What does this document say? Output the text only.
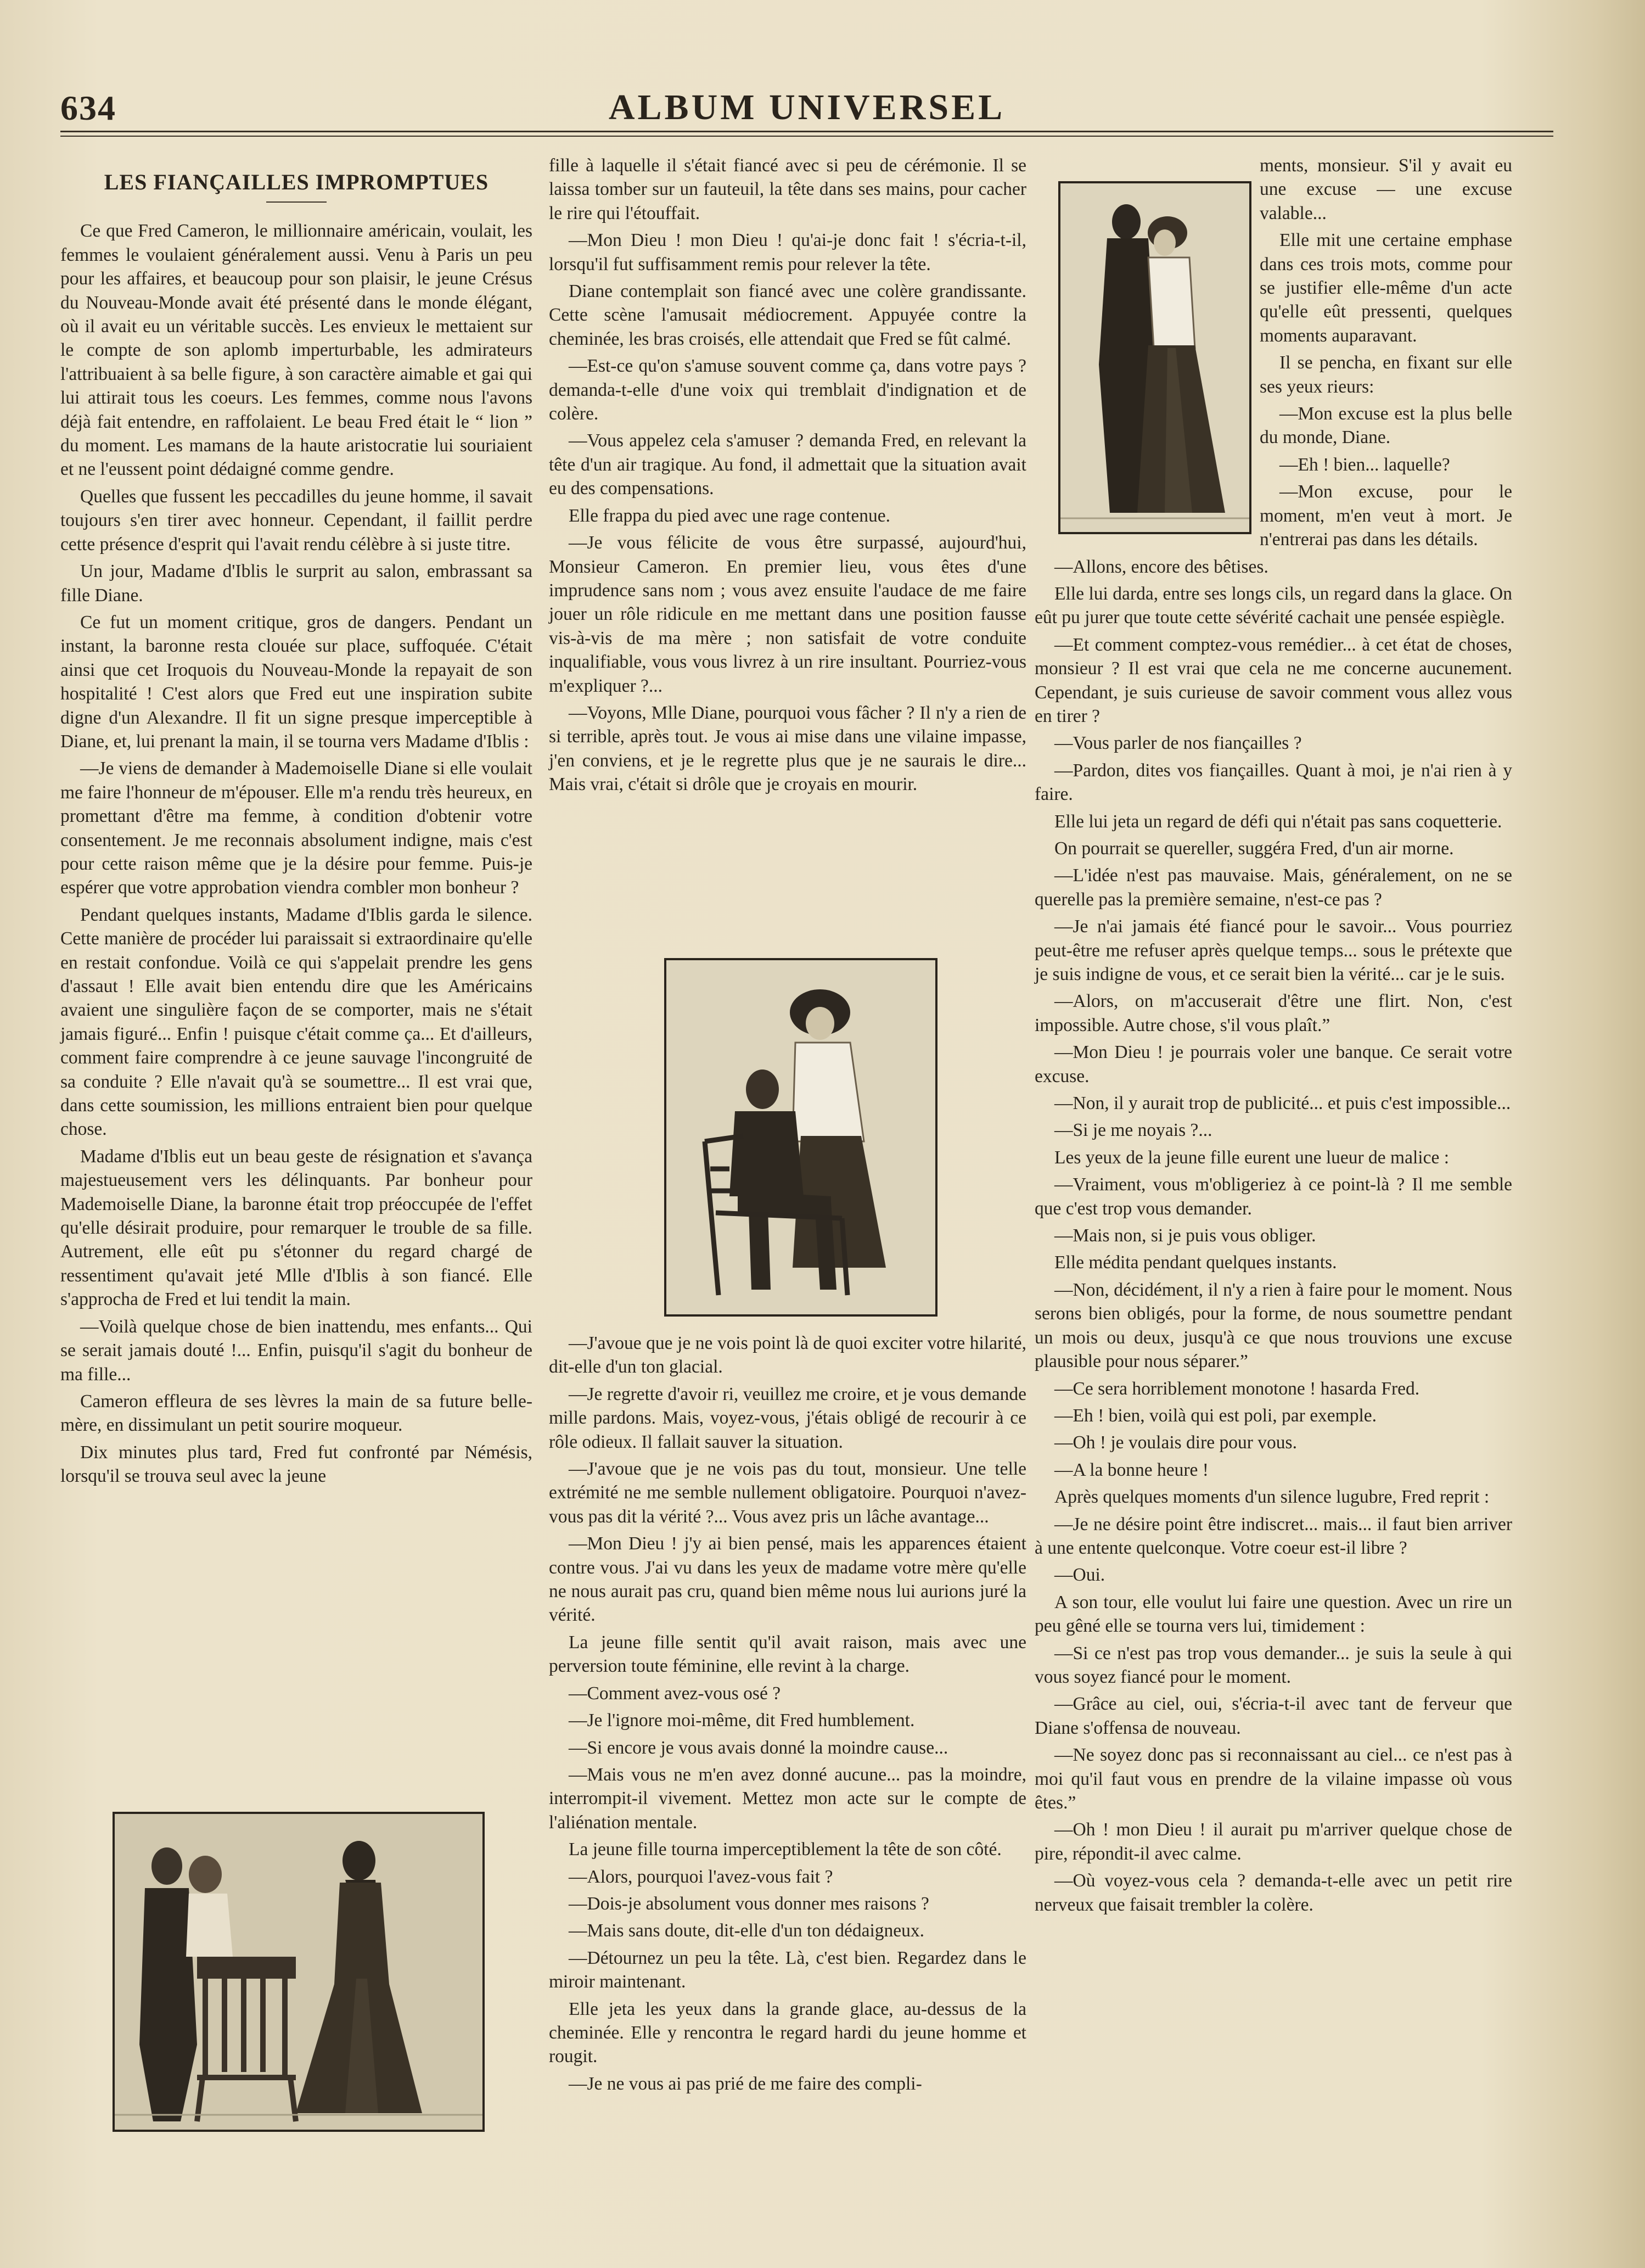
634	ALBUM UNIVERSEL
LES FIANÇAILLES IMPROMPTUES

Ce que Fred Cameron, le millionnaire américain, voulait, les femmes le voulaient généralement aussi. Venu à Paris un peu pour les affaires, et beaucoup pour son plaisir, le jeune Crésus du Nouveau-Monde avait été présenté dans le monde élégant, où il avait eu un véritable succès. Les envieux le mettaient sur le compte de son aplomb imperturbable, les admirateurs l'attribuaient à sa belle figure, à son caractère aimable et gai qui lui attirait tous les coeurs. Les femmes, comme nous l'avons déjà fait entendre, en raffolaient. Le beau Fred était le “ lion ” du moment. Les mamans de la haute aristocratie lui souriaient et ne l'eussent point dédaigné comme gendre.

Quelles que fussent les peccadilles du jeune homme, il savait toujours s'en tirer avec honneur. Cependant, il faillit perdre cette présence d'esprit qui l'avait rendu célèbre à si juste titre.

Un jour, Madame d'Iblis le surprit au salon, embrassant sa fille Diane.

Ce fut un moment critique, gros de dangers. Pendant un instant, la baronne resta clouée sur place, suffoquée. C'était ainsi que cet Iroquois du Nouveau-Monde la repayait de son hospitalité ! C'est alors que Fred eut une inspiration subite digne d'un Alexandre. Il fit un signe presque imperceptible à Diane, et, lui prenant la main, il se tourna vers Madame d'Iblis :

—Je viens de demander à Mademoiselle Diane si elle voulait me faire l'honneur de m'épouser. Elle m'a rendu très heureux, en promettant d'être ma femme, à condition d'obtenir votre consentement. Je me reconnais absolument indigne, mais c'est pour cette raison même que je la désire pour femme. Puis-je espérer que votre approbation viendra combler mon bonheur ?

Pendant quelques instants, Madame d'Iblis garda le silence. Cette manière de procéder lui paraissait si extraordinaire qu'elle en restait confondue. Voilà ce qui s'appelait prendre les gens d'assaut ! Elle avait bien entendu dire que les Américains avaient une singulière façon de se comporter, mais ne s'était jamais figuré... Enfin ! puisque c'était comme ça... Et d'ailleurs, comment faire comprendre à ce jeune sauvage l'incongruité de sa conduite ? Elle n'avait qu'à se soumettre... Il est vrai que, dans cette soumission, les millions entraient bien pour quelque chose.

Madame d'Iblis eut un beau geste de résignation et s'avança majestueusement vers les délinquants. Par bonheur pour Mademoiselle Diane, la baronne était trop préoccupée de l'effet qu'elle désirait produire, pour remarquer le trouble de sa fille. Autrement, elle eût pu s'étonner du regard chargé de ressentiment qu'avait jeté Mlle d'Iblis à son fiancé. Elle s'approcha de Fred et lui tendit la main.

—Voilà quelque chose de bien inattendu, mes enfants... Qui se serait jamais douté !... Enfin, puisqu'il s'agit du bonheur de ma fille...

Cameron effleura de ses lèvres la main de sa future belle-mère, en dissimulant un petit sourire moqueur.

Dix minutes plus tard, Fred fut confronté par Némésis, lorsqu'il se trouva seul avec la jeune

fille à laquelle il s'était fiancé avec si peu de cérémonie. Il se laissa tomber sur un fauteuil, la tête dans ses mains, pour cacher le rire qui l'étouffait.

—Mon Dieu ! mon Dieu ! qu'ai-je donc fait ! s'écria-t-il, lorsqu'il fut suffisamment remis pour relever la tête.

Diane contemplait son fiancé avec une colère grandissante. Cette scène l'amusait médiocrement. Appuyée contre la cheminée, les bras croisés, elle attendait que Fred se fût calmé.

—Est-ce qu'on s'amuse souvent comme ça, dans votre pays ? demanda-t-elle d'une voix qui tremblait d'indignation et de colère.

—Vous appelez cela s'amuser ? demanda Fred, en relevant la tête d'un air tragique. Au fond, il admettait que la situation avait eu des compensations.

Elle frappa du pied avec une rage contenue.

—Je vous félicite de vous être surpassé, aujourd'hui, Monsieur Cameron. En premier lieu, vous êtes d'une imprudence sans nom ; vous avez ensuite l'audace de me faire jouer un rôle ridicule en me mettant dans une position fausse vis-à-vis de ma mère ; non satisfait de votre conduite inqualifiable, vous vous livrez à un rire insultant. Pourriez-vous m'expliquer ?...

—Voyons, Mlle Diane, pourquoi vous fâcher ? Il n'y a rien de si terrible, après tout. Je vous ai mise dans une vilaine impasse, j'en conviens, et je le regrette plus que je ne saurais le dire... Mais vrai, c'était si drôle que je croyais en mourir.

—J'avoue que je ne vois point là de quoi exciter votre hilarité, dit-elle d'un ton glacial.

—Je regrette d'avoir ri, veuillez me croire, et je vous demande mille pardons. Mais, voyez-vous, j'étais obligé de recourir à ce rôle odieux. Il fallait sauver la situation.

—J'avoue que je ne vois pas du tout, monsieur. Une telle extrémité ne me semble nullement obligatoire. Pourquoi n'avez-vous pas dit la vérité ?... Vous avez pris un lâche avantage...

—Mon Dieu ! j'y ai bien pensé, mais les apparences étaient contre vous. J'ai vu dans les yeux de madame votre mère qu'elle ne nous aurait pas cru, quand bien même nous lui aurions juré la vérité.

La jeune fille sentit qu'il avait raison, mais avec une perversion toute féminine, elle revint à la charge.

—Comment avez-vous osé ?

—Je l'ignore moi-même, dit Fred humblement.

—Si encore je vous avais donné la moindre cause...

—Mais vous ne m'en avez donné aucune... pas la moindre, interrompit-il vivement. Mettez mon acte sur le compte de l'aliénation mentale.

La jeune fille tourna imperceptiblement la tête de son côté.

—Alors, pourquoi l'avez-vous fait ?

—Dois-je absolument vous donner mes raisons ?

—Mais sans doute, dit-elle d'un ton dédaigneux.

—Détournez un peu la tête. Là, c'est bien. Regardez dans le miroir maintenant.

Elle jeta les yeux dans la grande glace, au-dessus de la cheminée. Elle y rencontra le regard hardi du jeune homme et rougit.

—Je ne vous ai pas prié de me faire des compli-

ments, monsieur. S'il y avait eu une excuse — une excuse valable...

Elle mit une certaine emphase dans ces trois mots, comme pour se justifier elle-même d'un acte qu'elle eût pressenti, quelques moments auparavant.

Il se pencha, en fixant sur elle ses yeux rieurs:

—Mon excuse est la plus belle du monde, Diane.

—Eh ! bien... laquelle?

—Mon excuse, pour le moment, m'en veut à mort. Je n'entrerai pas dans les détails.

—Allons, encore des bêtises.

Elle lui darda, entre ses longs cils, un regard dans la glace. On eût pu jurer que toute cette sévérité cachait une pensée espiègle.

—Et comment comptez-vous remédier... à cet état de choses, monsieur ? Il est vrai que cela ne me concerne aucunement. Cependant, je suis curieuse de savoir comment vous allez vous en tirer ?

—Vous parler de nos fiançailles ?

—Pardon, dites vos fiançailles. Quant à moi, je n'ai rien à y faire.

Elle lui jeta un regard de défi qui n'était pas sans coquetterie.

On pourrait se quereller, suggéra Fred, d'un air morne.

—L'idée n'est pas mauvaise. Mais, généralement, on ne se querelle pas la première semaine, n'est-ce pas ?

—Je n'ai jamais été fiancé pour le savoir... Vous pourriez peut-être me refuser après quelque temps... sous le prétexte que je suis indigne de vous, et ce serait bien la vérité... car je le suis.

—Alors, on m'accuserait d'être une flirt. Non, c'est impossible. Autre chose, s'il vous plaît.”

—Mon Dieu ! je pourrais voler une banque. Ce serait votre excuse.

—Non, il y aurait trop de publicité... et puis c'est impossible...

—Si je me noyais ?...

Les yeux de la jeune fille eurent une lueur de malice :

—Vraiment, vous m'obligeriez à ce point-là ? Il me semble que c'est trop vous demander.

—Mais non, si je puis vous obliger.

Elle médita pendant quelques instants.

—Non, décidément, il n'y a rien à faire pour le moment. Nous serons bien obligés, pour la forme, de nous soumettre pendant un mois ou deux, jusqu'à ce que nous trouvions une excuse plausible pour nous séparer.”

—Ce sera horriblement monotone ! hasarda Fred.

—Eh ! bien, voilà qui est poli, par exemple.

—Oh ! je voulais dire pour vous.

—A la bonne heure !

Après quelques moments d'un silence lugubre, Fred reprit :

—Je ne désire point être indiscret... mais... il faut bien arriver à une entente quelconque. Votre coeur est-il libre ?

—Oui.

A son tour, elle voulut lui faire une question. Avec un rire un peu gêné elle se tourna vers lui, timidement :

—Si ce n'est pas trop vous demander... je suis la seule à qui vous soyez fiancé pour le moment.

—Grâce au ciel, oui, s'écria-t-il avec tant de ferveur que Diane s'offensa de nouveau.

—Ne soyez donc pas si reconnaissant au ciel... ce n'est pas à moi qu'il faut vous en prendre de la vilaine impasse où vous êtes.”

—Oh ! mon Dieu ! il aurait pu m'arriver quelque chose de pire, répondit-il avec calme.

—Où voyez-vous cela ? demanda-t-elle avec un petit rire nerveux que faisait trembler la colère.
